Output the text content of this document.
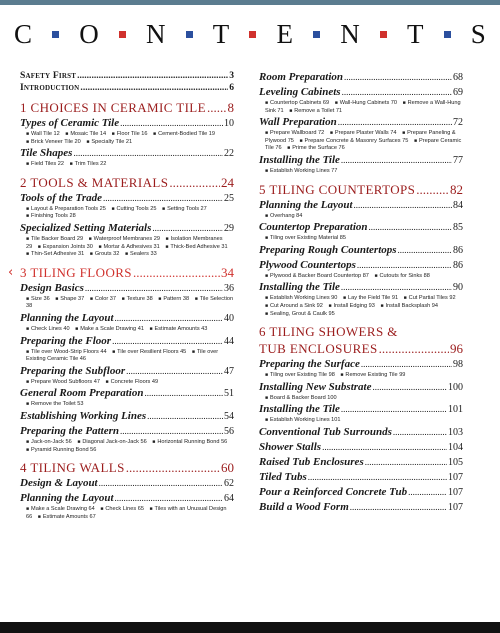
C O N T E N T S
Safety First .....	3
Introduction .....	6
1 CHOICES IN CERAMIC TILE ..... 8
Types of Ceramic Tile .....	10
■ Wall Tile 12 ■ Mosaic Tile 14 ■ Floor Tile 16 ■ Cement-Bodied Tile 19 ■ Brick Veneer Tile 20 ■ Specialty Tile 21
Tile Shapes .....	22
■ Field Tiles 22 ■ Trim Tiles 22
2 TOOLS & MATERIALS .....	24
Tools of the Trade .....	25
■ Layout & Preparation Tools 25 ■ Cutting Tools 25 ■ Setting Tools 27 ■ Finishing Tools 28
Specialized Setting Materials .....	29
■ Tile Backer Board 29 ■ Waterproof Membranes 29 ■ Isolation Membranes 29 ■ Expansion Joints 30 ■ Mortar & Adhesives 31 ■ Thick-Bed Adhesive 31 ■ Thin-Set Adhesive 31 ■ Grouts 32 ■ Sealers 33
‹ 3 TILING FLOORS .....	34
Design Basics .....	36
■ Size 36 ■ Shape 37 ■ Color 37 ■ Texture 38 ■ Pattern 38 ■ Tile Selection 38
Planning the Layout .....	40
■ Check Lines 40 ■ Make a Scale Drawing 41 ■ Estimate Amounts 43
Preparing the Floor .....	44
■ Tile over Wood-Strip Floors 44 ■ Tile over Resilient Floors 45 ■ Tile over Existing Ceramic Tile 46
Preparing the Subfloor .....	47
■ Prepare Wood Subfloors 47 ■ Concrete Floors 49
General Room Preparation .....	51
■ Remove the Toilet 53
Establishing Working Lines .....	54
Preparing the Pattern .....	56
■ Jack-on-Jack 56 ■ Diagonal Jack-on-Jack 56 ■ Horizontal Running Bond 56 ■ Pyramid Running Bond 56
4 TILING WALLS .....	60
Design & Layout .....	62
Planning the Layout .....	64
■ Make a Scale Drawing 64 ■ Check Lines 65 ■ Tiles with an Unusual Design 66 ■ Estimate Amounts 67
Room Preparation .....	68
Leveling Cabinets .....	69
■ Countertop Cabinets 69 ■ Wall-Hung Cabinets 70 ■ Remove a Wall-Hung Sink 71 ■ Remove a Toilet 71
Wall Preparation .....	72
■ Prepare Wallboard 72 ■ Prepare Plaster Walls 74 ■ Prepare Paneling & Plywood 75 ■ Prepare Concrete & Masonry Surfaces 75 ■ Prepare Ceramic Tile 76 ■ Prime the Surface 76
Installing the Tile .....	77
■ Establish Working Lines 77
5 TILING COUNTERTOPS .....	82
Planning the Layout .....	84
■ Overhang 84
Countertop Preparation .....	85
■ Tiling over Existing Material 85
Preparing Rough Countertops .....	86
Plywood Countertops .....	86
■ Plywood & Backer Board Countertop 87 ■ Cutouts for Sinks 88
Installing the Tile .....	90
■ Establish Working Lines 90 ■ Lay the Field Tile 91 ■ Cut Partial Tiles 92 ■ Cut Around a Sink 92 ■ Install Edging 93 ■ Install Backsplash 94 ■ Sealing, Grout & Caulk 95
6 TILING SHOWERS &
TUB ENCLOSURES .....	96
Preparing the Surface .....	98
■ Tiling over Existing Tile 98 ■ Remove Existing Tile 99
Installing New Substrate .....	100
■ Board & Backer Board 100
Installing the Tile .....	101
■ Establish Working Lines 101
Conventional Tub Surrounds .....	103
Shower Stalls .....	104
Raised Tub Enclosures .....	105
Tiled Tubs .....	107
Pour a Reinforced Concrete Tub .....	107
Build a Wood Form .....	107
